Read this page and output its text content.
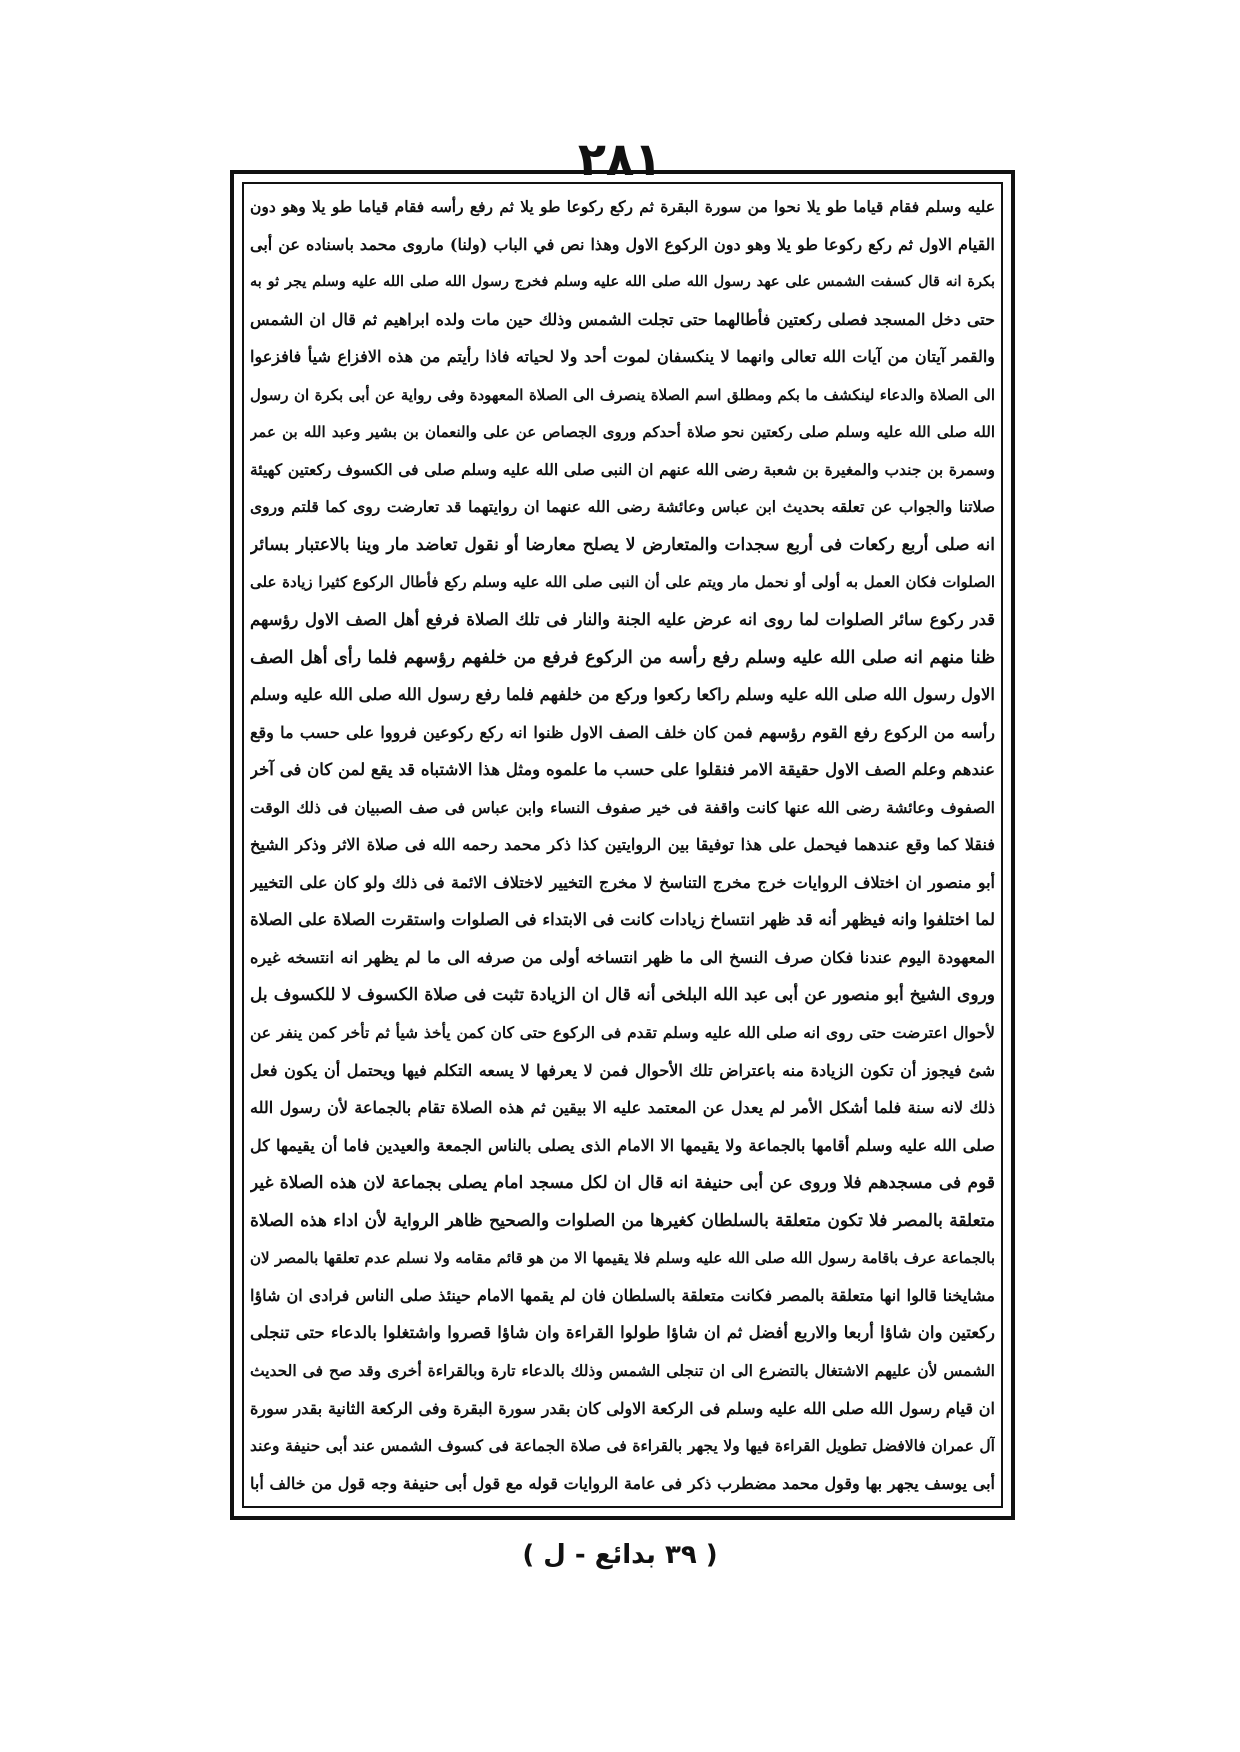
٢٨١
عليه وسلم فقام قياما طو يلا نحوا من سورة البقرة ثم ركع ركوعا طو يلا ثم رفع رأسه فقام قياما طو يلا وهو دون
القيام الاول ثم ركع ركوعا طو يلا وهو دون الركوع الاول وهذا نص في الباب (ولنا) ماروى محمد باسناده عن أبى
بكرة انه قال كسفت الشمس على عهد رسول الله صلى الله عليه وسلم فخرج رسول الله صلى الله عليه وسلم يجر ثو به
حتى دخل المسجد فصلى ركعتين فأطالهما حتى تجلت الشمس وذلك حين مات ولده ابراهيم ثم قال ان الشمس
والقمر آيتان من آيات الله تعالى وانهما لا ينكسفان لموت أحد ولا لحياته فاذا رأيتم من هذه الافزاع شيأ فافزعوا
الى الصلاة والدعاء لينكشف ما بكم ومطلق اسم الصلاة ينصرف الى الصلاة المعهودة وفى رواية عن أبى بكرة ان رسول
الله صلى الله عليه وسلم صلى ركعتين نحو صلاة أحدكم وروى الجصاص عن على والنعمان بن بشير وعبد الله بن عمر
وسمرة بن جندب والمغيرة بن شعبة رضى الله عنهم ان النبى صلى الله عليه وسلم صلى فى الكسوف ركعتين كهيئة
صلاتنا والجواب عن تعلقه بحديث ابن عباس وعائشة رضى الله عنهما ان روايتهما قد تعارضت روى كما قلتم وروى
انه صلى أربع ركعات فى أربع سجدات والمتعارض لا يصلح معارضا أو نقول تعاضد مار وينا بالاعتبار بسائر
الصلوات فكان العمل به أولى أو نحمل مار ويتم على أن النبى صلى الله عليه وسلم ركع فأطال الركوع كثيرا زيادة على
قدر ركوع سائر الصلوات لما روى انه عرض عليه الجنة والنار فى تلك الصلاة فرفع أهل الصف الاول رؤسهم
ظنا منهم انه صلى الله عليه وسلم رفع رأسه من الركوع فرفع من خلفهم رؤسهم فلما رأى أهل الصف
الاول رسول الله صلى الله عليه وسلم راكعا ركعوا وركع من خلفهم فلما رفع رسول الله صلى الله عليه وسلم
رأسه من الركوع رفع القوم رؤسهم فمن كان خلف الصف الاول ظنوا انه ركع ركوعين فرووا على حسب ما وقع
عندهم وعلم الصف الاول حقيقة الامر فنقلوا على حسب ما علموه ومثل هذا الاشتباه قد يقع لمن كان فى آخر
الصفوف وعائشة رضى الله عنها كانت واقفة فى خير صفوف النساء وابن عباس فى صف الصبيان فى ذلك الوقت
فنقلا كما وقع عندهما فيحمل على هذا توفيقا بين الروايتين كذا ذكر محمد رحمه الله فى صلاة الاثر وذكر الشيخ
أبو منصور ان اختلاف الروايات خرج مخرج التناسخ لا مخرج التخيير لاختلاف الائمة فى ذلك ولو كان على التخيير
لما اختلفوا وانه فيظهر أنه قد ظهر انتساخ زيادات كانت فى الابتداء فى الصلوات واستقرت الصلاة على الصلاة
المعهودة اليوم عندنا فكان صرف النسخ الى ما ظهر انتساخه أولى من صرفه الى ما لم يظهر انه انتسخه غيره
وروى الشيخ أبو منصور عن أبى عبد الله البلخى أنه قال ان الزيادة تثبت فى صلاة الكسوف لا للكسوف بل
لأحوال اعترضت حتى روى انه صلى الله عليه وسلم تقدم فى الركوع حتى كان كمن يأخذ شيأ ثم تأخر كمن ينفر عن
شئ فيجوز أن تكون الزيادة منه باعتراض تلك الأحوال فمن لا يعرفها لا يسعه التكلم فيها ويحتمل أن يكون فعل
ذلك لانه سنة فلما أشكل الأمر لم يعدل عن المعتمد عليه الا بيقين ثم هذه الصلاة تقام بالجماعة لأن رسول الله
صلى الله عليه وسلم أقامها بالجماعة ولا يقيمها الا الامام الذى يصلى بالناس الجمعة والعيدين فاما أن يقيمها كل
قوم فى مسجدهم فلا وروى عن أبى حنيفة انه قال ان لكل مسجد امام يصلى بجماعة لان هذه الصلاة غير
متعلقة بالمصر فلا تكون متعلقة بالسلطان كغيرها من الصلوات والصحيح ظاهر الرواية لأن اداء هذه الصلاة
بالجماعة عرف باقامة رسول الله صلى الله عليه وسلم فلا يقيمها الا من هو قائم مقامه ولا نسلم عدم تعلقها بالمصر لان
مشايخنا قالوا انها متعلقة بالمصر فكانت متعلقة بالسلطان فان لم يقمها الامام حينئذ صلى الناس فرادى ان شاؤا
ركعتين وان شاؤا أربعا والاربع أفضل ثم ان شاؤا طولوا القراءة وان شاؤا قصروا واشتغلوا بالدعاء حتى تنجلى
الشمس لأن عليهم الاشتغال بالتضرع الى ان تنجلى الشمس وذلك بالدعاء تارة وبالقراءة أخرى وقد صح فى الحديث
ان قيام رسول الله صلى الله عليه وسلم فى الركعة الاولى كان بقدر سورة البقرة وفى الركعة الثانية بقدر سورة
آل عمران فالافضل تطويل القراءة فيها ولا يجهر بالقراءة فى صلاة الجماعة فى كسوف الشمس عند أبى حنيفة وعند
أبى يوسف يجهر بها وقول محمد مضطرب ذكر فى عامة الروايات قوله مع قول أبى حنيفة وجه قول من خالف أبا
( ٣٩ بدائع - ل )
